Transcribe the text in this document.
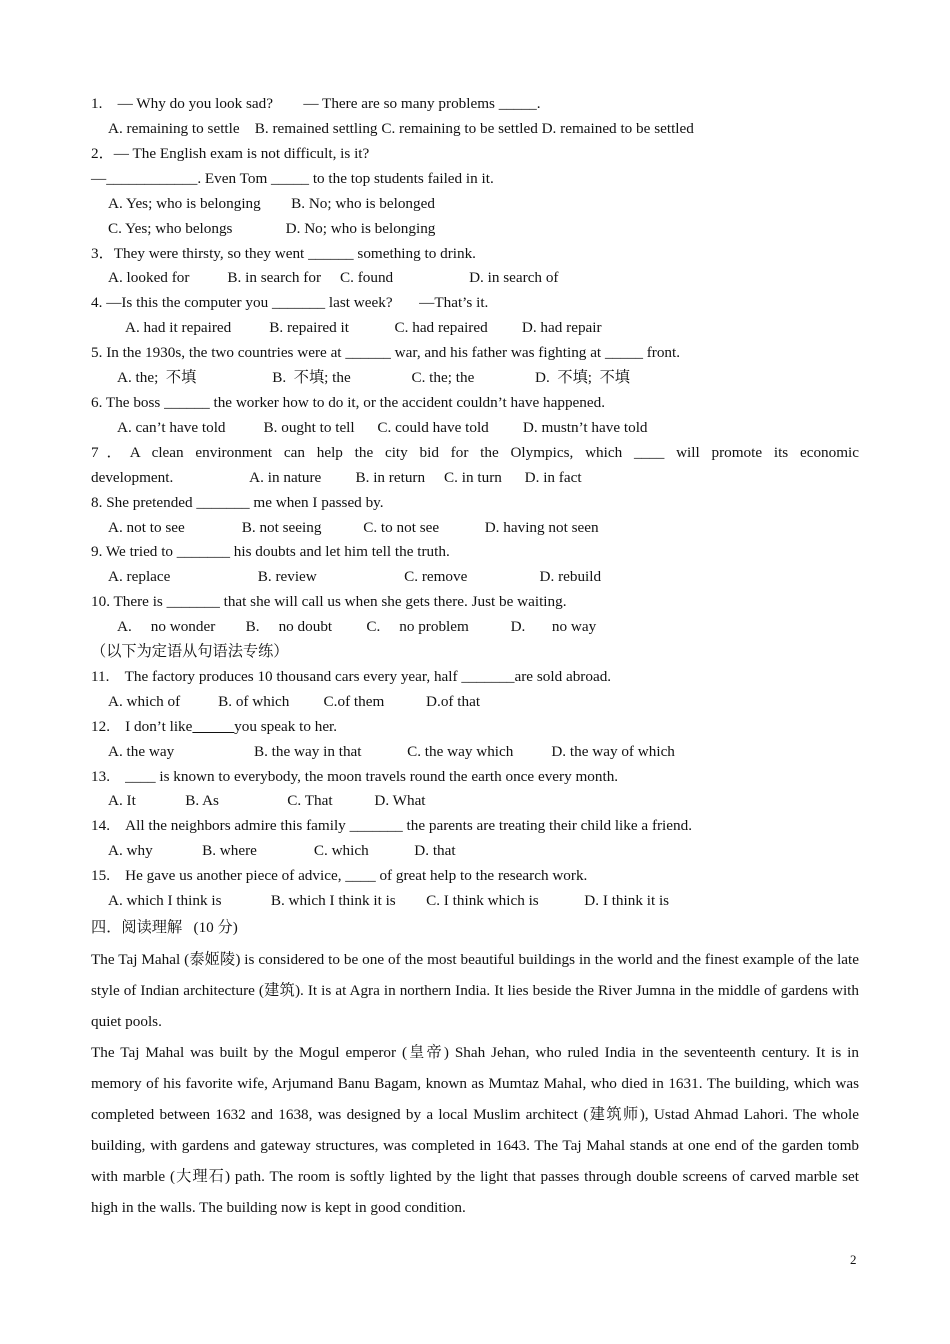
1.    — Why do you look sad?        — There are so many problems _____.
A. remaining to settle    B. remained settling C. remaining to be settled D. remained to be settled
2．— The English exam is not difficult, is it?
—____________. Even Tom _____ to the top students failed in it.
A. Yes; who is belonging        B. No; who is belonged
C. Yes; who belongs              D. No; who is belonging
3．They were thirsty, so they went ______ something to drink.
A. looked for          B. in search for     C. found                    D. in search of
4. —Is this the computer you _______ last week?       —That’s it.
A. had it repaired          B. repaired it            C. had repaired         D. had repair
5. In the 1930s, the two countries were at ______ war, and his father was fighting at _____ front.
A. the;  不填                    B.  不填; the                C. the; the                D.  不填;  不填
6. The boss ______ the worker how to do it, or the accident couldn’t have happened.
A. can’t have told          B. ought to tell      C. could have told         D. mustn’t have told
7．A clean environment can help the city bid for the Olympics, which ____ will promote its economic
development.                    A. in nature         B. in return     C. in turn      D. in fact
8. She pretended _______ me when I passed by.
A. not to see               B. not seeing           C. to not see            D. having not seen
9. We tried to _______ his doubts and let him tell the truth.
A. replace                       B. review                       C. remove                   D. rebuild
10. There is _______ that she will call us when she gets there. Just be waiting.
A.     no wonder        B.     no doubt         C.     no problem           D.       no way
（以下为定语从句语法专练）
11.    The factory produces 10 thousand cars every year, half _______are sold abroad.
A. which of          B. of which         C.of them           D.of that
12.    I don’t like	you speak to her.
A. the way                     B. the way in that            C. the way which          D. the way of which
13.    ____ is known to everybody, the moon travels round the earth once every month.
A. It             B. As                  C. That           D. What
14.    All the neighbors admire this family _______ the parents are treating their child like a friend.
A. why             B. where               C. which            D. that
15.    He gave us another piece of advice, ____ of great help to the research work.
A. which I think is             B. which I think it is        C. I think which is            D. I think it is
四．阅读理解   (10 分)
The Taj Mahal (泰姬陵) is considered to be one of the most beautiful buildings in the world and the finest example of the late style of Indian architecture (建筑). It is at Agra in northern India. It lies beside the River Jumna in the middle of gardens with quiet pools.
The Taj Mahal was built by the Mogul emperor (皇帝) Shah Jehan, who ruled India in the seventeenth century. It is in memory of his favorite wife, Arjumand Banu Bagam, known as Mumtaz Mahal, who died in 1631. The building, which was completed between 1632 and 1638, was designed by a local Muslim architect (建筑师), Ustad Ahmad Lahori. The whole building, with gardens and gateway structures, was completed in 1643. The Taj Mahal stands at one end of the garden tomb with marble (大理石) path. The room is softly lighted by the light that passes through double screens of carved marble set high in the walls. The building now is kept in good condition.
2
